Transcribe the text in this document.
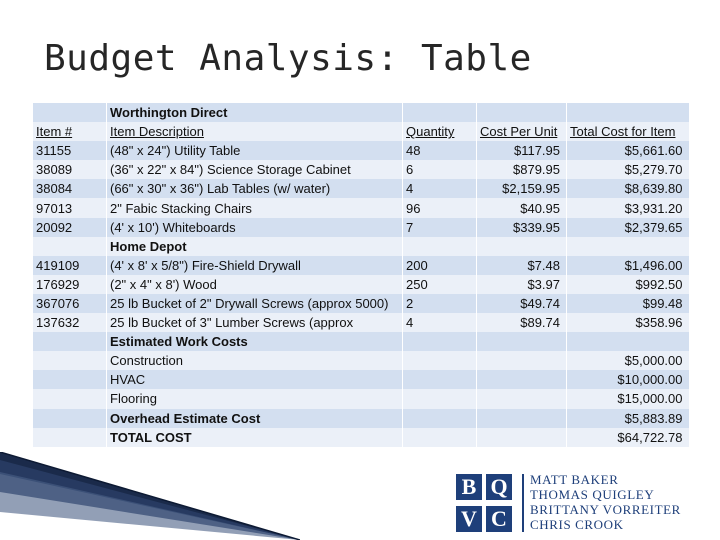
Budget Analysis: Table
	Worthington Direct			
Item #	Item Description	Quantity	Cost Per Unit	Total Cost for Item
31155	(48" x 24") Utility Table	48	$117.95	$5,661.60
38089	(36" x 22" x 84") Science Storage Cabinet	6	$879.95	$5,279.70
38084	(66" x 30" x 36") Lab Tables (w/ water)	4	$2,159.95	$8,639.80
97013	2" Fabic Stacking Chairs	96	$40.95	$3,931.20
20092	(4' x 10') Whiteboards	7	$339.95	$2,379.65
	Home Depot			
419109	(4' x 8' x 5/8") Fire-Shield Drywall	200	$7.48	$1,496.00
176929	(2" x 4" x 8') Wood	250	$3.97	$992.50
367076	25 lb Bucket of 2" Drywall Screws (approx 5000)	2	$49.74	$99.48
137632	25 lb Bucket of 3" Lumber Screws (approx	4	$89.74	$358.96
	Estimated Work Costs			
	Construction			$5,000.00
	HVAC			$10,000.00
	Flooring			$15,000.00
	Overhead Estimate Cost			$5,883.89
	TOTAL COST			$64,722.78
B Q
V C
MATT BAKER
THOMAS QUIGLEY
BRITTANY VORREITER
CHRIS CROOK
